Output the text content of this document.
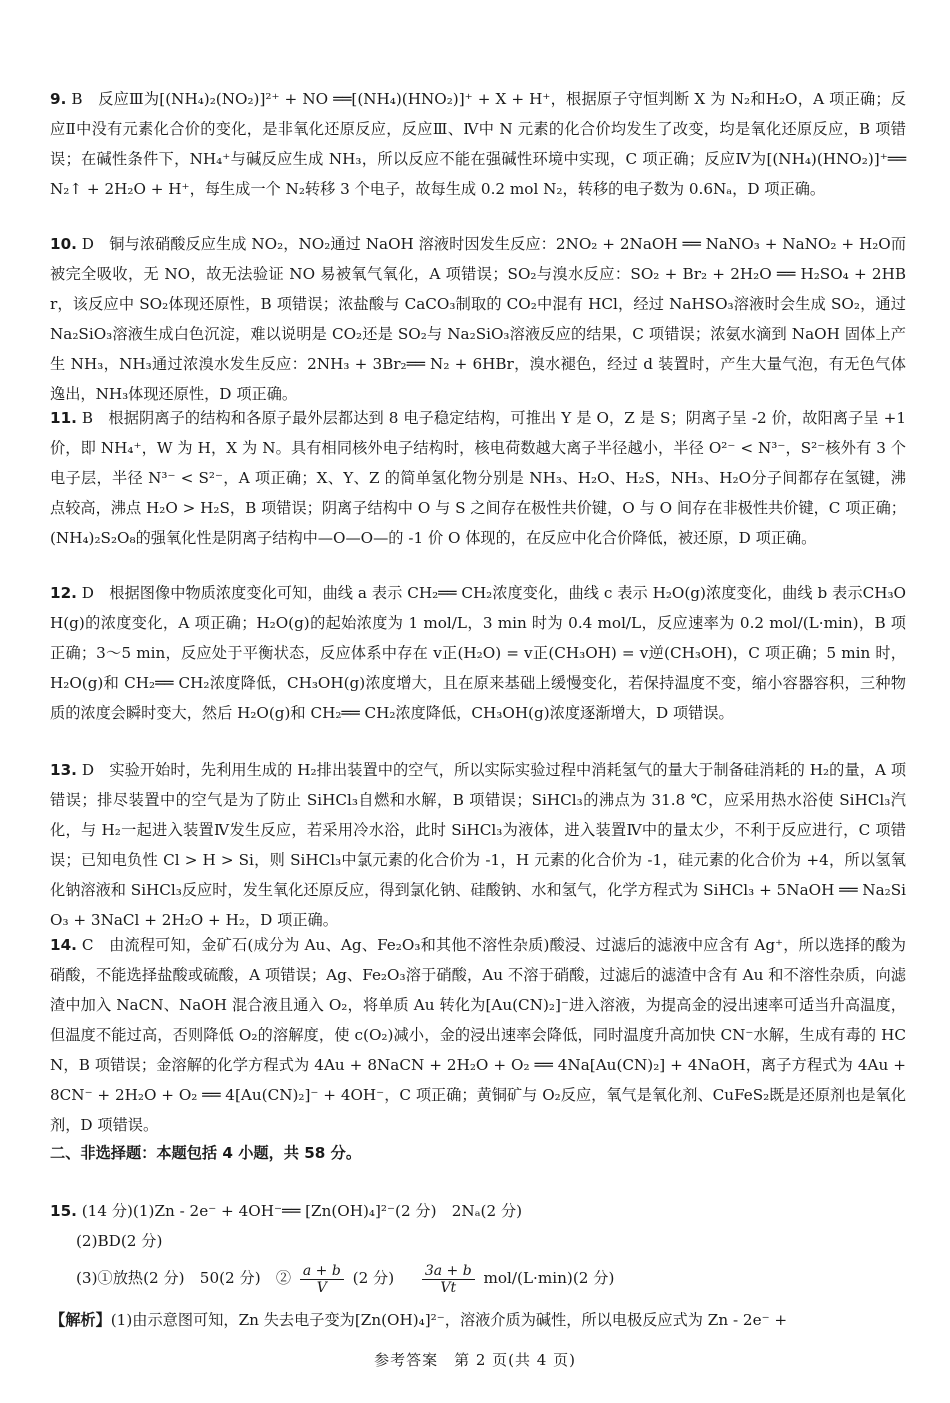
9. B　反应Ⅲ为[(NH₄)₂(NO₂)]²⁺ + NO ══[(NH₄)(HNO₂)]⁺ + X + H⁺，根据原子守恒判断 X 为 N₂和H₂O，A 项正确；反应Ⅱ中没有元素化合价的变化，是非氧化还原反应，反应Ⅲ、Ⅳ中 N 元素的化合价均发生了改变，均是氧化还原反应，B 项错误；在碱性条件下，NH₄⁺与碱反应生成 NH₃，所以反应不能在强碱性环境中实现，C 项正确；反应Ⅳ为[(NH₄)(HNO₂)]⁺══ N₂↑ + 2H₂O + H⁺，每生成一个 N₂转移 3 个电子，故每生成 0.2 mol N₂，转移的电子数为 0.6Nₐ，D 项正确。
10. D　铜与浓硝酸反应生成 NO₂，NO₂通过 NaOH 溶液时因发生反应：2NO₂ + 2NaOH ══ NaNO₃ + NaNO₂ + H₂O而被完全吸收，无 NO，故无法验证 NO 易被氧气氧化，A 项错误；SO₂与溴水反应：SO₂ + Br₂ + 2H₂O ══ H₂SO₄ + 2HBr，该反应中 SO₂体现还原性，B 项错误；浓盐酸与 CaCO₃制取的 CO₂中混有 HCl，经过 NaHSO₃溶液时会生成 SO₂，通过 Na₂SiO₃溶液生成白色沉淀，难以说明是 CO₂还是 SO₂与 Na₂SiO₃溶液反应的结果，C 项错误；浓氨水滴到 NaOH 固体上产生 NH₃，NH₃通过浓溴水发生反应：2NH₃ + 3Br₂══ N₂ + 6HBr，溴水褪色，经过 d 装置时，产生大量气泡，有无色气体逸出，NH₃体现还原性，D 项正确。
11. B　根据阴离子的结构和各原子最外层都达到 8 电子稳定结构，可推出 Y 是 O，Z 是 S；阴离子呈 -2 价，故阳离子呈 +1 价，即 NH₄⁺，W 为 H，X 为 N。具有相同核外电子结构时，核电荷数越大离子半径越小，半径 O²⁻ < N³⁻，S²⁻核外有 3 个电子层，半径 N³⁻ < S²⁻，A 项正确；X、Y、Z 的简单氢化物分别是 NH₃、H₂O、H₂S，NH₃、H₂O分子间都存在氢键，沸点较高，沸点 H₂O > H₂S，B 项错误；阴离子结构中 O 与 S 之间存在极性共价键，O 与 O 间存在非极性共价键，C 项正确；(NH₄)₂S₂O₈的强氧化性是阴离子结构中—O—O—的 -1 价 O 体现的，在反应中化合价降低，被还原，D 项正确。
12. D　根据图像中物质浓度变化可知，曲线 a 表示 CH₂══ CH₂浓度变化，曲线 c 表示 H₂O(g)浓度变化，曲线 b 表示CH₃OH(g)的浓度变化，A 项正确；H₂O(g)的起始浓度为 1 mol/L，3 min 时为 0.4 mol/L，反应速率为 0.2 mol/(L·min)，B 项正确；3～5 min，反应处于平衡状态，反应体系中存在 v正(H₂O) = v正(CH₃OH) = v逆(CH₃OH)，C 项正确；5 min 时，H₂O(g)和 CH₂══ CH₂浓度降低，CH₃OH(g)浓度增大，且在原来基础上缓慢变化，若保持温度不变，缩小容器容积，三种物质的浓度会瞬时变大，然后 H₂O(g)和 CH₂══ CH₂浓度降低，CH₃OH(g)浓度逐渐增大，D 项错误。
13. D　实验开始时，先利用生成的 H₂排出装置中的空气，所以实际实验过程中消耗氢气的量大于制备硅消耗的 H₂的量，A 项错误；排尽装置中的空气是为了防止 SiHCl₃自燃和水解，B 项错误；SiHCl₃的沸点为 31.8 ℃，应采用热水浴使 SiHCl₃汽化，与 H₂一起进入装置Ⅳ发生反应，若采用冷水浴，此时 SiHCl₃为液体，进入装置Ⅳ中的量太少，不利于反应进行，C 项错误；已知电负性 Cl > H > Si，则 SiHCl₃中氯元素的化合价为 -1，H 元素的化合价为 -1，硅元素的化合价为 +4，所以氢氧化钠溶液和 SiHCl₃反应时，发生氧化还原反应，得到氯化钠、硅酸钠、水和氢气，化学方程式为 SiHCl₃ + 5NaOH ══ Na₂SiO₃ + 3NaCl + 2H₂O + H₂，D 项正确。
14. C　由流程可知，金矿石(成分为 Au、Ag、Fe₂O₃和其他不溶性杂质)酸浸、过滤后的滤液中应含有 Ag⁺，所以选择的酸为硝酸，不能选择盐酸或硫酸，A 项错误；Ag、Fe₂O₃溶于硝酸，Au 不溶于硝酸，过滤后的滤渣中含有 Au 和不溶性杂质，向滤渣中加入 NaCN、NaOH 混合液且通入 O₂，将单质 Au 转化为[Au(CN)₂]⁻进入溶液，为提高金的浸出速率可适当升高温度，但温度不能过高，否则降低 O₂的溶解度，使 c(O₂)减小，金的浸出速率会降低，同时温度升高加快 CN⁻水解，生成有毒的 HCN，B 项错误；金溶解的化学方程式为 4Au + 8NaCN + 2H₂O + O₂ ══ 4Na[Au(CN)₂] + 4NaOH，离子方程式为 4Au + 8CN⁻ + 2H₂O + O₂ ══ 4[Au(CN)₂]⁻ + 4OH⁻，C 项正确；黄铜矿与 O₂反应，氧气是氧化剂、CuFeS₂既是还原剂也是氧化剂，D 项错误。
二、非选择题：本题包括 4 小题，共 58 分。
15. (14 分)(1)Zn - 2e⁻ + 4OH⁻══ [Zn(OH)₄]²⁻(2 分)　2Nₐ(2 分)
(2)BD(2 分)
(3)①放热(2 分)　50(2 分)　② $\frac{a + b}{V} (2$ 分) $\frac{3a + b}{Vt} mol/(L\cdot\min)(2$ 分)
【解析】(1)由示意图可知，Zn 失去电子变为[Zn(OH)₄]²⁻，溶液介质为碱性，所以电极反应式为 Zn - 2e⁻ +
参考答案　第 2 页(共 4 页)
